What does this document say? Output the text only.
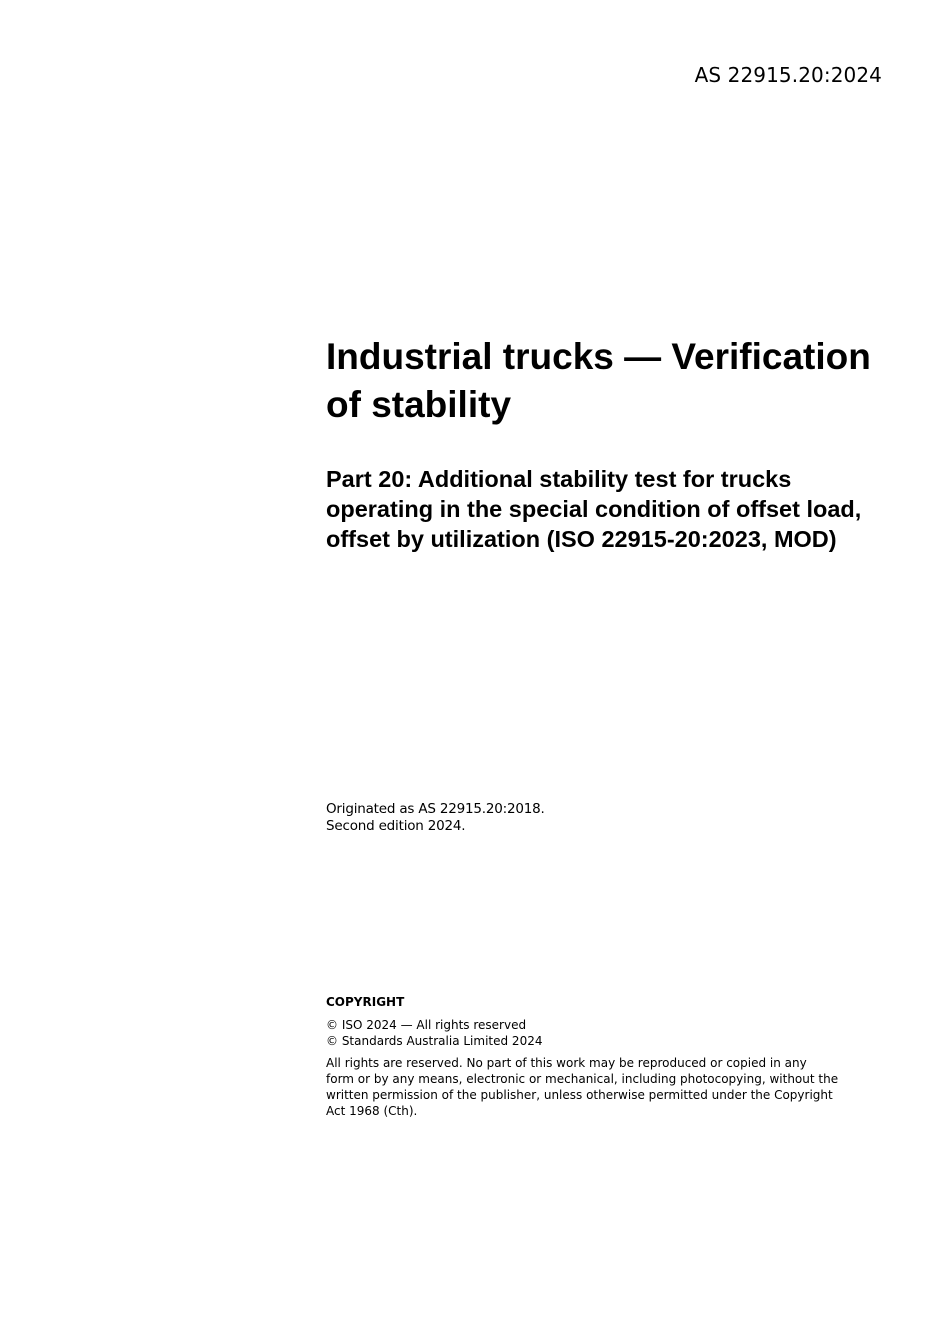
AS 22915.20:2024
Industrial trucks — Verification
of stability
Part 20: Additional stability test for trucks
operating in the special condition of offset load,
offset by utilization (ISO 22915-20:2023, MOD)
Originated as AS 22915.20:2018.
Second edition 2024.
COPYRIGHT
© ISO 2024 — All rights reserved
© Standards Australia Limited 2024
All rights are reserved. No part of this work may be reproduced or copied in any
form or by any means, electronic or mechanical, including photocopying, without the
written permission of the publisher, unless otherwise permitted under the Copyright
Act 1968 (Cth).
